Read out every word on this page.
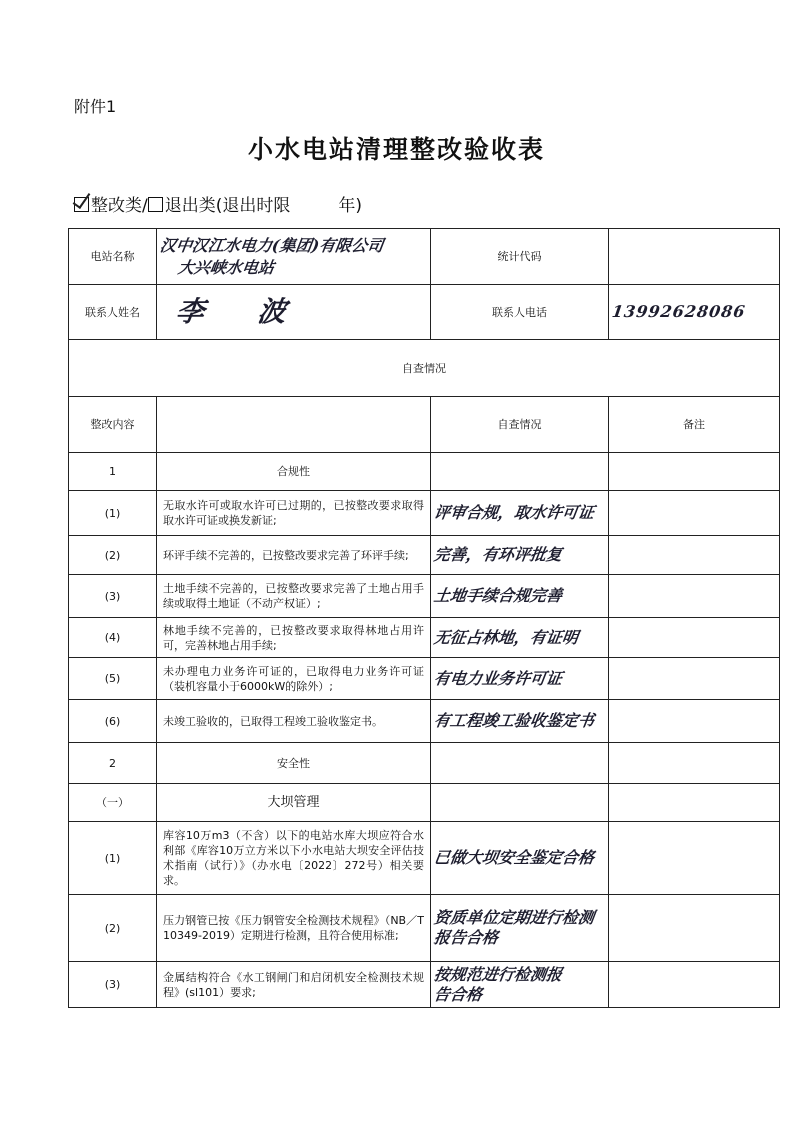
附件1
小水电站清理整改验收表
整改类/ 退出类(退出时限	年)
电站名称	汉中汉江水电力(集团)有限公司
大兴峡水电站	统计代码	
联系人姓名	李 波	联系人电话	13992628086

自查情况			
整改内容		自查情况	备注
1	合规性		
(1)	无取水许可或取水许可已过期的，已按整改要求取得取水许可证或换发新证;	评审合规，取水许可证	

(2)	环评手续不完善的，已按整改要求完善了环评手续;	完善，有环评批复	

(3)	土地手续不完善的，已按整改要求完善了土地占用手续或取得土地证（不动产权证）;	土地手续合规完善	

(4)	林地手续不完善的，已按整改要求取得林地占用许可，完善林地占用手续;	无征占林地，有证明	

(5)	未办理电力业务许可证的，已取得电力业务许可证（装机容量小于6000kW的除外）;	有电力业务许可证	

(6)	未竣工验收的，已取得工程竣工验收鉴定书。	有工程竣工验收鉴定书	

2	安全性		
（一）	大坝管理		
(1)	库容10万m3（不含）以下的电站水库大坝应符合水利部《库容10万立方米以下小水电站大坝安全评估技术指南（试行）》（办水电〔2022〕272号）相关要求。	已做大坝安全鉴定合格	

(2)	压力钢管已按《压力钢管安全检测技术规程》（NB／T 10349-2019）定期进行检测，且符合使用标准;	资质单位定期进行检测
报告合格	

(3)	金属结构符合《水工钢闸门和启闭机安全检测技术规程》(sl101）要求;	按规范进行检测报
告合格	
